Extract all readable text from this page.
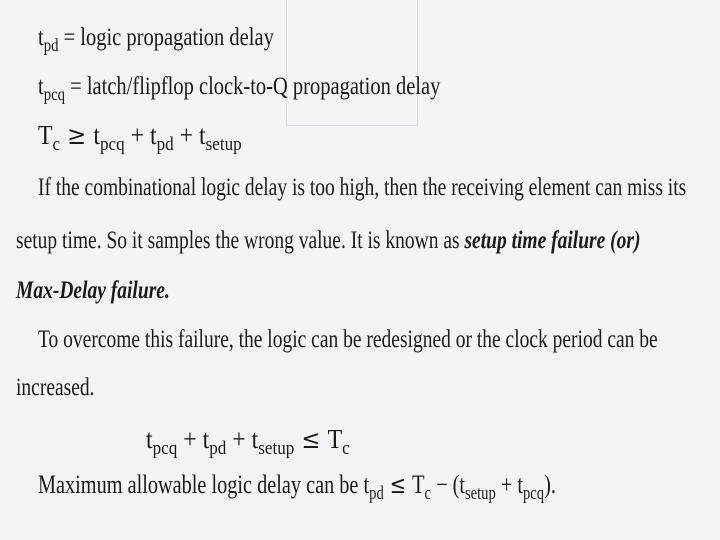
$t_{pd}$ = logic propagation delay
$t_{pcq}$ = latch/flipflop clock-to-Q propagation delay
$T_c \ge t_{pcq} + t_{pd} + t_{setup}$
If the combinational logic delay is too high, then the receiving element can miss its
setup time. So it samples the wrong value. It is known as setup time failure (or)
Max-Delay failure.
To overcome this failure, the logic can be redesigned or the clock period can be
increased.
$t_{pcq} + t_{pd} + t_{setup} \le T_c$
Maximum allowable logic delay can be $t_{pd} \le T_c - (t_{setup} + t_{pcq})$.
